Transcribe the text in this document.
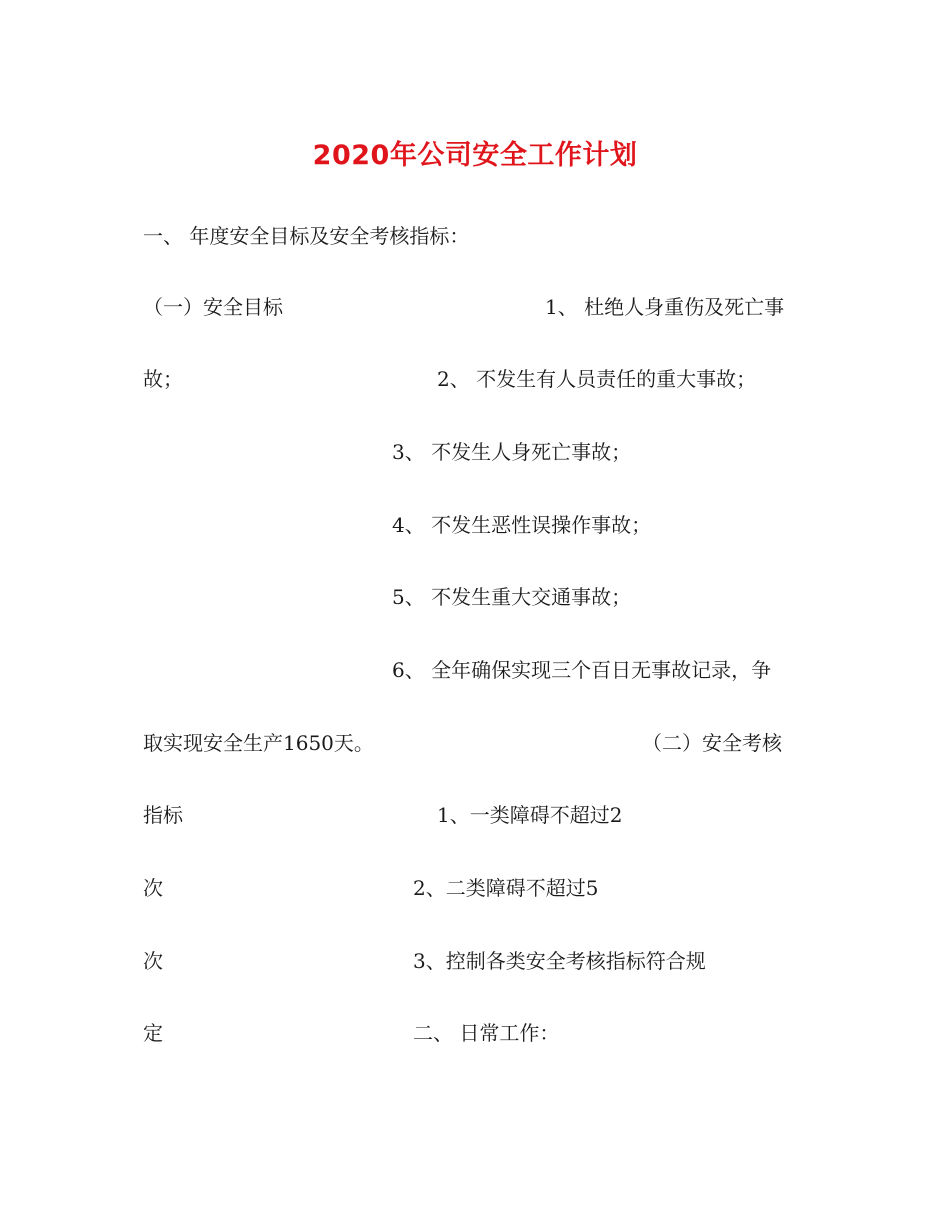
2020年公司安全工作计划
一、 年度安全目标及安全考核指标：
（一）安全目标	1、 杜绝人身重伤及死亡事
故；	2、 不发生有人员责任的重大事故；
3、 不发生人身死亡事故；
4、 不发生恶性误操作事故；
5、 不发生重大交通事故；
6、 全年确保实现三个百日无事故记录，争
取实现安全生产1650天。	（二）安全考核
指标	1、一类障碍不超过2
次	2、二类障碍不超过5
次	3、控制各类安全考核指标符合规
定	二、 日常工作：
